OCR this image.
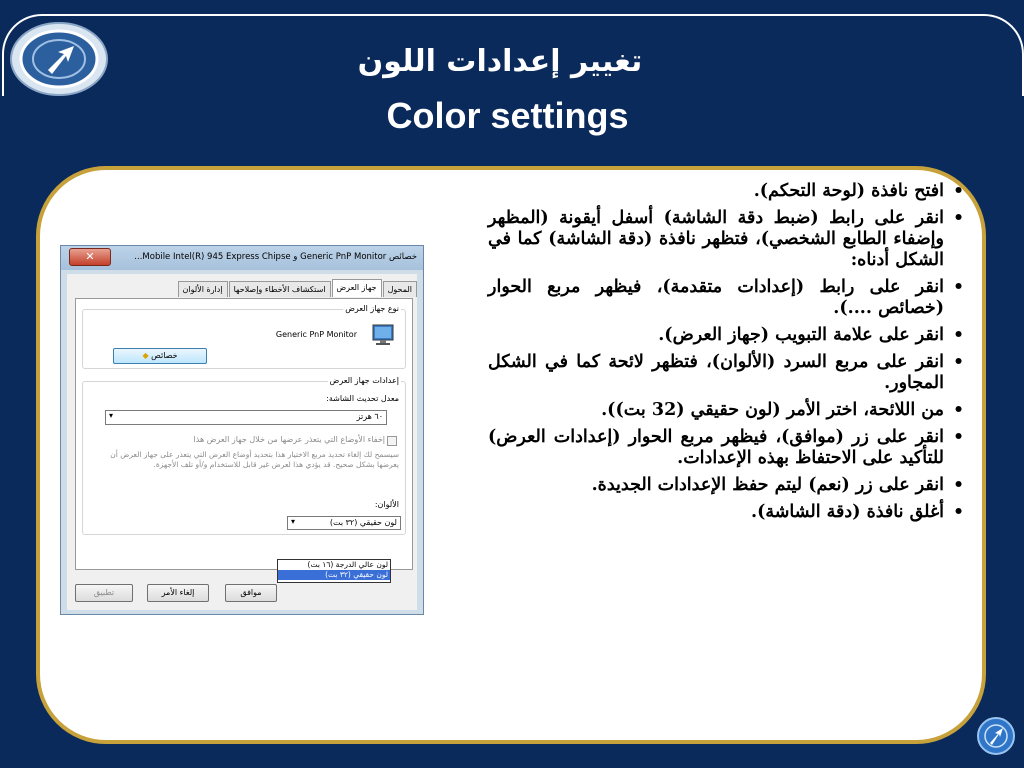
تغيير إعدادات اللون
Color settings
• افتح نافذة (لوحة التحكم).
• انقر على رابط (ضبط دقة الشاشة) أسفل أيقونة (المظهر وإضفاء الطابع الشخصي)، فتظهر نافذة (دقة الشاشة) كما في الشكل أدناه:
• انقر على رابط (إعدادات متقدمة)، فيظهر مربع الحوار (خصائص ....).
• انقر على علامة التبويب (جهاز العرض).
• انقر على مربع السرد (الألوان)، فتظهر لائحة كما في الشكل المجاور.
• من اللائحة، اختر الأمر (لون حقيقي (32 بت)).
• انقر على زر (موافق)، فيظهر مربع الحوار (إعدادات العرض) للتأكيد على الاحتفاظ بهذه الإعدادات.
• انقر على زر (نعم) ليتم حفظ الإعدادات الجديدة.
• أغلق نافذة (دقة الشاشة).
✕	خصائص Generic PnP Monitor و Mobile Intel(R) 945 Express Chipse...
المحولجهاز العرضاستكشاف الأخطاء وإصلاحهاإدارة الألوان
نوع جهاز العرض
Generic PnP Monitor
◆ خصائص
إعدادات جهاز العرض
معدل تحديث الشاشة:
٦٠ هرتز
▾
إخفاء الأوضاع التي يتعذر عرضها من خلال جهاز العرض هذا
سيسمح لك إلغاء تحديد مربع الاختيار هذا بتحديد أوضاع العرض التي يتعذر على جهاز العرض أن يعرضها بشكل صحيح. قد يؤدي هذا لعرض غير قابل للاستخدام و/أو تلف الأجهزة.
الألوان:
لون حقيقي (٣٢ بت)
▾
موافق
إلغاء الأمر
تطبيق
لون عالي الدرجة (١٦ بت)
لون حقيقي (٣٢ بت)
